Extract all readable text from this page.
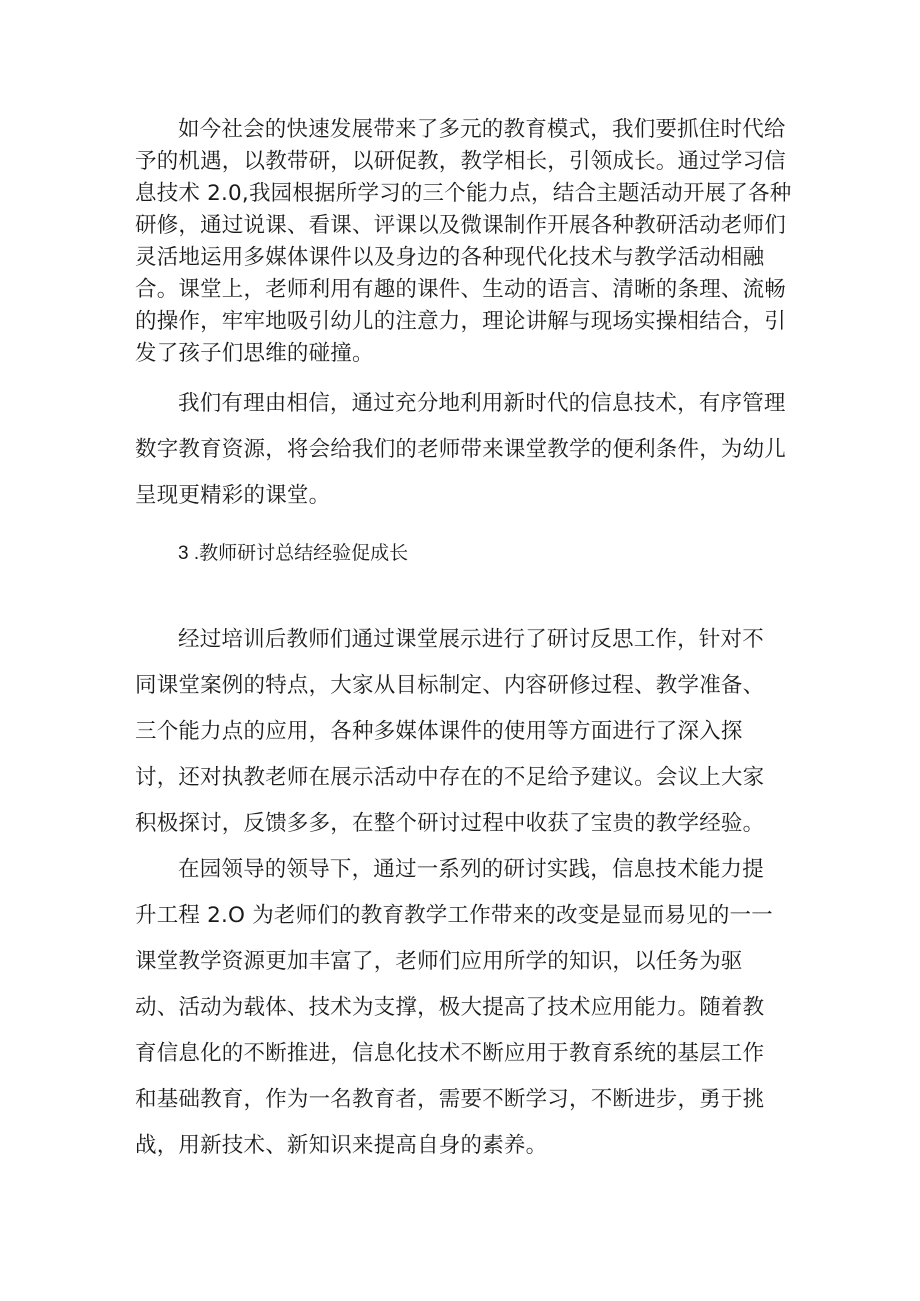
如今社会的快速发展带来了多元的教育模式，我们要抓住时代给
予的机遇，以教带研，以研促教，教学相长，引领成长。通过学习信
息技术 2.0,我园根据所学习的三个能力点，结合主题活动开展了各种
研修，通过说课、看课、评课以及微课制作开展各种教研活动老师们
灵活地运用多媒体课件以及身边的各种现代化技术与教学活动相融
合。课堂上，老师利用有趣的课件、生动的语言、清晰的条理、流畅
的操作，牢牢地吸引幼儿的注意力，理论讲解与现场实操相结合，引
发了孩子们思维的碰撞。
我们有理由相信，通过充分地利用新时代的信息技术，有序管理
数字教育资源，将会给我们的老师带来课堂教学的便利条件，为幼儿
呈现更精彩的课堂。
3 .教师研讨总结经验促成长
经过培训后教师们通过课堂展示进行了研讨反思工作，针对不
同课堂案例的特点，大家从目标制定、内容研修过程、教学准备、
三个能力点的应用，各种多媒体课件的使用等方面进行了深入探
讨，还对执教老师在展示活动中存在的不足给予建议。会议上大家
积极探讨，反馈多多，在整个研讨过程中收获了宝贵的教学经验。
在园领导的领导下，通过一系列的研讨实践，信息技术能力提
升工程 2.O 为老师们的教育教学工作带来的改变是显而易见的一一
课堂教学资源更加丰富了，老师们应用所学的知识，以任务为驱
动、活动为载体、技术为支撑，极大提高了技术应用能力。随着教
育信息化的不断推进，信息化技术不断应用于教育系统的基层工作
和基础教育，作为一名教育者，需要不断学习，不断进步，勇于挑
战，用新技术、新知识来提高自身的素养。
